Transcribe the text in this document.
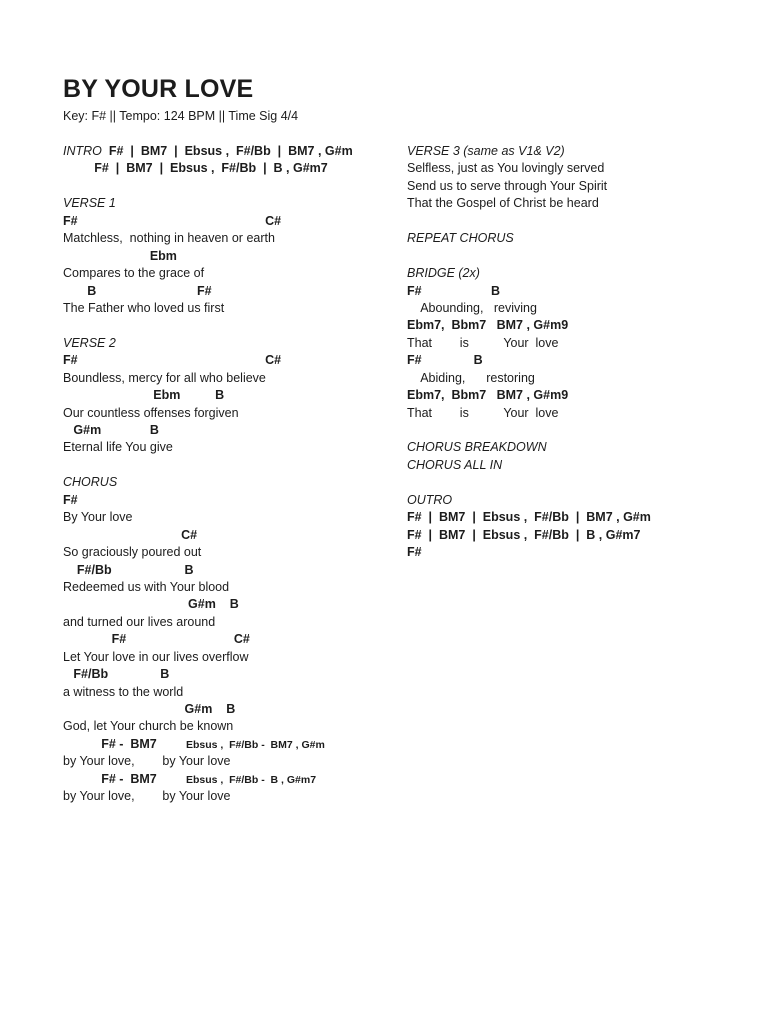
BY YOUR LOVE
Key: F# || Tempo: 124 BPM || Time Sig 4/4
INTRO  F#  |  BM7  |  Ebsus ,  F#/Bb  |  BM7 , G#m
F#  |  BM7  |  Ebsus ,  F#/Bb  |  B , G#m7
VERSE 1
F#                                                      C#
Matchless,  nothing in heaven or earth
Ebm
Compares to the grace of
B                             F#
The Father who loved us first
VERSE 2
F#                                                      C#
Boundless, mercy for all who believe
Ebm          B
Our countless offenses forgiven
G#m              B
Eternal life You give
CHORUS
F#
By Your love
C#
So graciously poured out
F#/Bb                     B
Redeemed us with Your blood
G#m    B
and turned our lives around
F#                               C#
Let Your love in our lives overflow
F#/Bb               B
a witness to the world
G#m    B
God, let Your church be known
F# -  BM7          Ebsus ,  F#/Bb -  BM7 , G#m
by Your love,        by Your love
F# -  BM7          Ebsus ,  F#/Bb -  B , G#m7
by Your love,        by Your love
VERSE 3 (same as V1& V2)
Selfless, just as You lovingly served
Send us to serve through Your Spirit
That the Gospel of Christ be heard
REPEAT CHORUS
BRIDGE (2x)
F#                    B
Abounding,   reviving
Ebm7,  Bbm7   BM7 , G#m9
That        is          Your  love
F#               B
Abiding,      restoring
Ebm7,  Bbm7   BM7 , G#m9
That        is          Your  love
CHORUS BREAKDOWN
CHORUS ALL IN
OUTRO
F#  |  BM7  |  Ebsus ,  F#/Bb  |  BM7 , G#m
F#  |  BM7  |  Ebsus ,  F#/Bb  |  B , G#m7
F#
